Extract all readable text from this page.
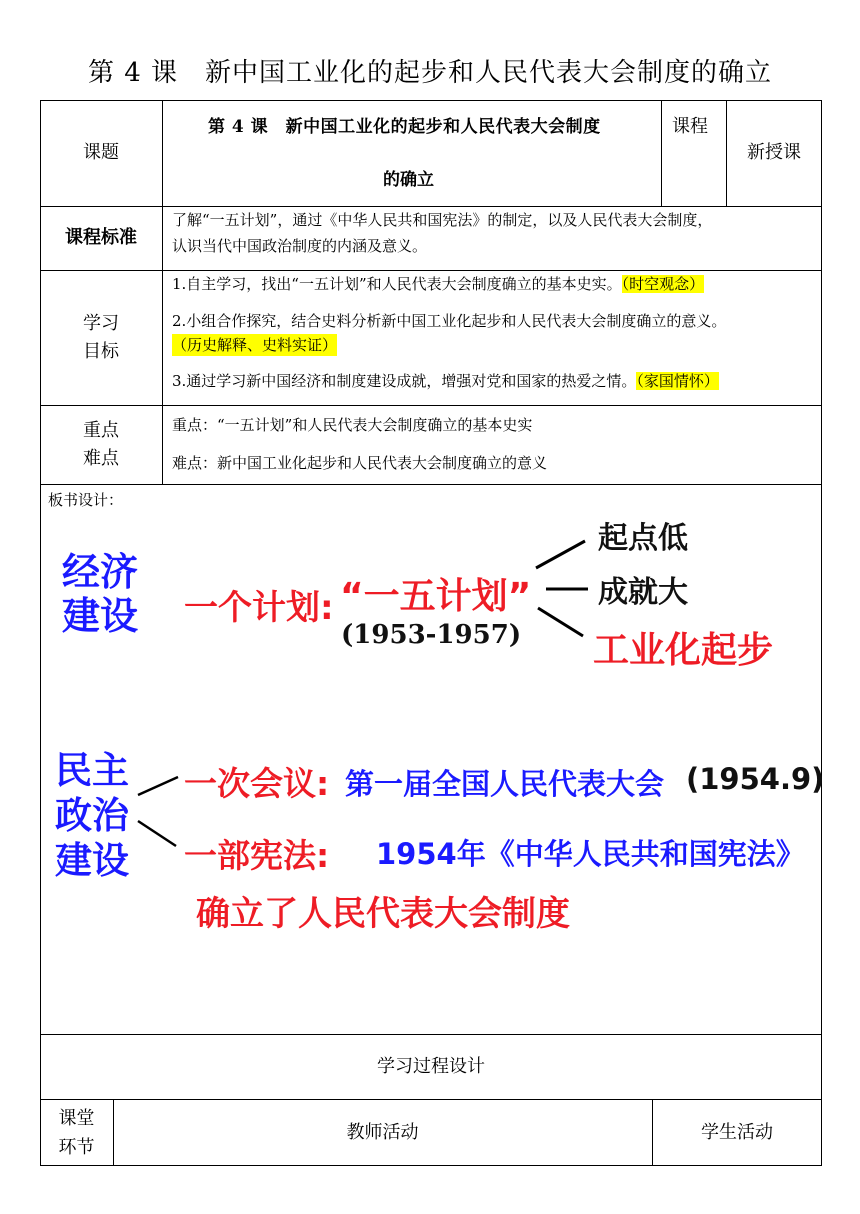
第 4 课　新中国工业化的起步和人民代表大会制度的确立
课题
第 4 课　新中国工业化的起步和人民代表大会制度
的确立
课程
新授课
课程标准
了解“一五计划”，通过《中华人民共和国宪法》的制定，以及人民代表大会制度，
认识当代中国政治制度的内涵及意义。
学习
目标
1.自主学习，找出“一五计划”和人民代表大会制度确立的基本史实。（时空观念）
2.小组合作探究，结合史料分析新中国工业化起步和人民代表大会制度确立的意义。
（历史解释、史料实证）
3.通过学习新中国经济和制度建设成就，增强对党和国家的热爱之情。（家国情怀）
重点
难点
重点：“一五计划”和人民代表大会制度确立的基本史实
难点：新中国工业化起步和人民代表大会制度确立的意义
板书设计：
经济
建设 一个计划: “一五计划”
(1953-1957)
起点低
成就大
工业化起步
民主
政治
建设
一次会议: 第一届全国人民代表大会 (1954.9)
一部宪法: 1954年《中华人民共和国宪法》
确立了人民代表大会制度
学习过程设计
课堂
环节
教师活动	学生活动
